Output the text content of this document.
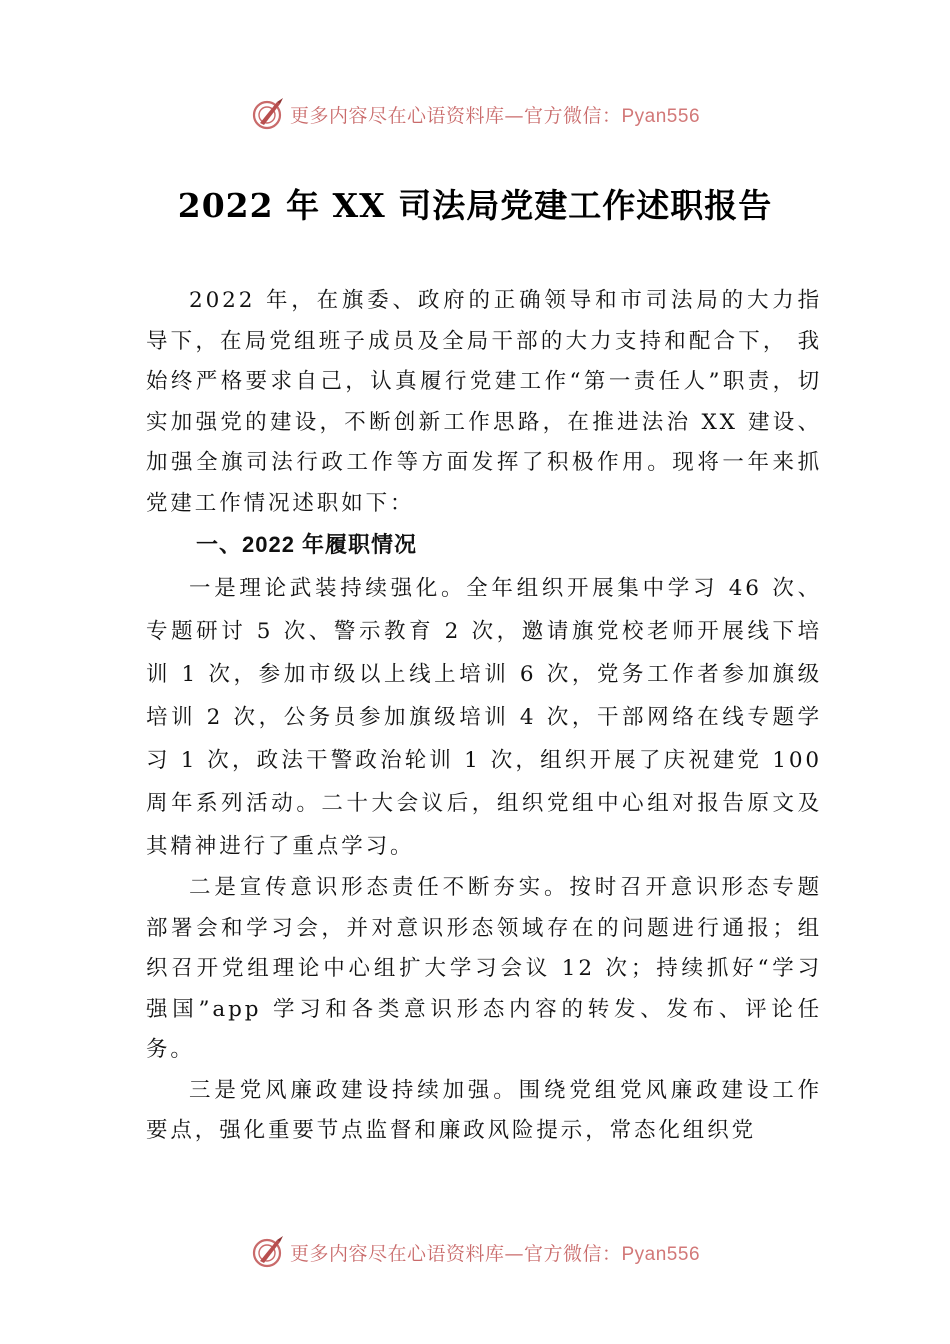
更多内容尽在心语资料库—官方微信：Pyan556
2022 年 XX 司法局党建工作述职报告

2022 年，在旗委、政府的正确领导和市司法局的大力指导下，在局党组班子成员及全局干部的大力支持和配合下， 我始终严格要求自己，认真履行党建工作“第一责任人”职责，切实加强党的建设，不断创新工作思路，在推进法治 XX 建设、加强全旗司法行政工作等方面发挥了积极作用。现将一年来抓党建工作情况述职如下：

一、2022 年履职情况

一是理论武装持续强化。全年组织开展集中学习 46 次、专题研讨 5 次、警示教育 2 次，邀请旗党校老师开展线下培训 1 次，参加市级以上线上培训 6 次，党务工作者参加旗级培训 2 次，公务员参加旗级培训 4 次，干部网络在线专题学习 1 次，政法干警政治轮训 1 次，组织开展了庆祝建党 100 周年系列活动。二十大会议后，组织党组中心组对报告原文及其精神进行了重点学习。

二是宣传意识形态责任不断夯实。按时召开意识形态专题部署会和学习会，并对意识形态领域存在的问题进行通报；组织召开党组理论中心组扩大学习会议 12 次；持续抓好“学习强国”app 学习和各类意识形态内容的转发、发布、评论任务。

三是党风廉政建设持续加强。围绕党组党风廉政建设工作要点，强化重要节点监督和廉政风险提示，常态化组织党

更多内容尽在心语资料库—官方微信：Pyan556
